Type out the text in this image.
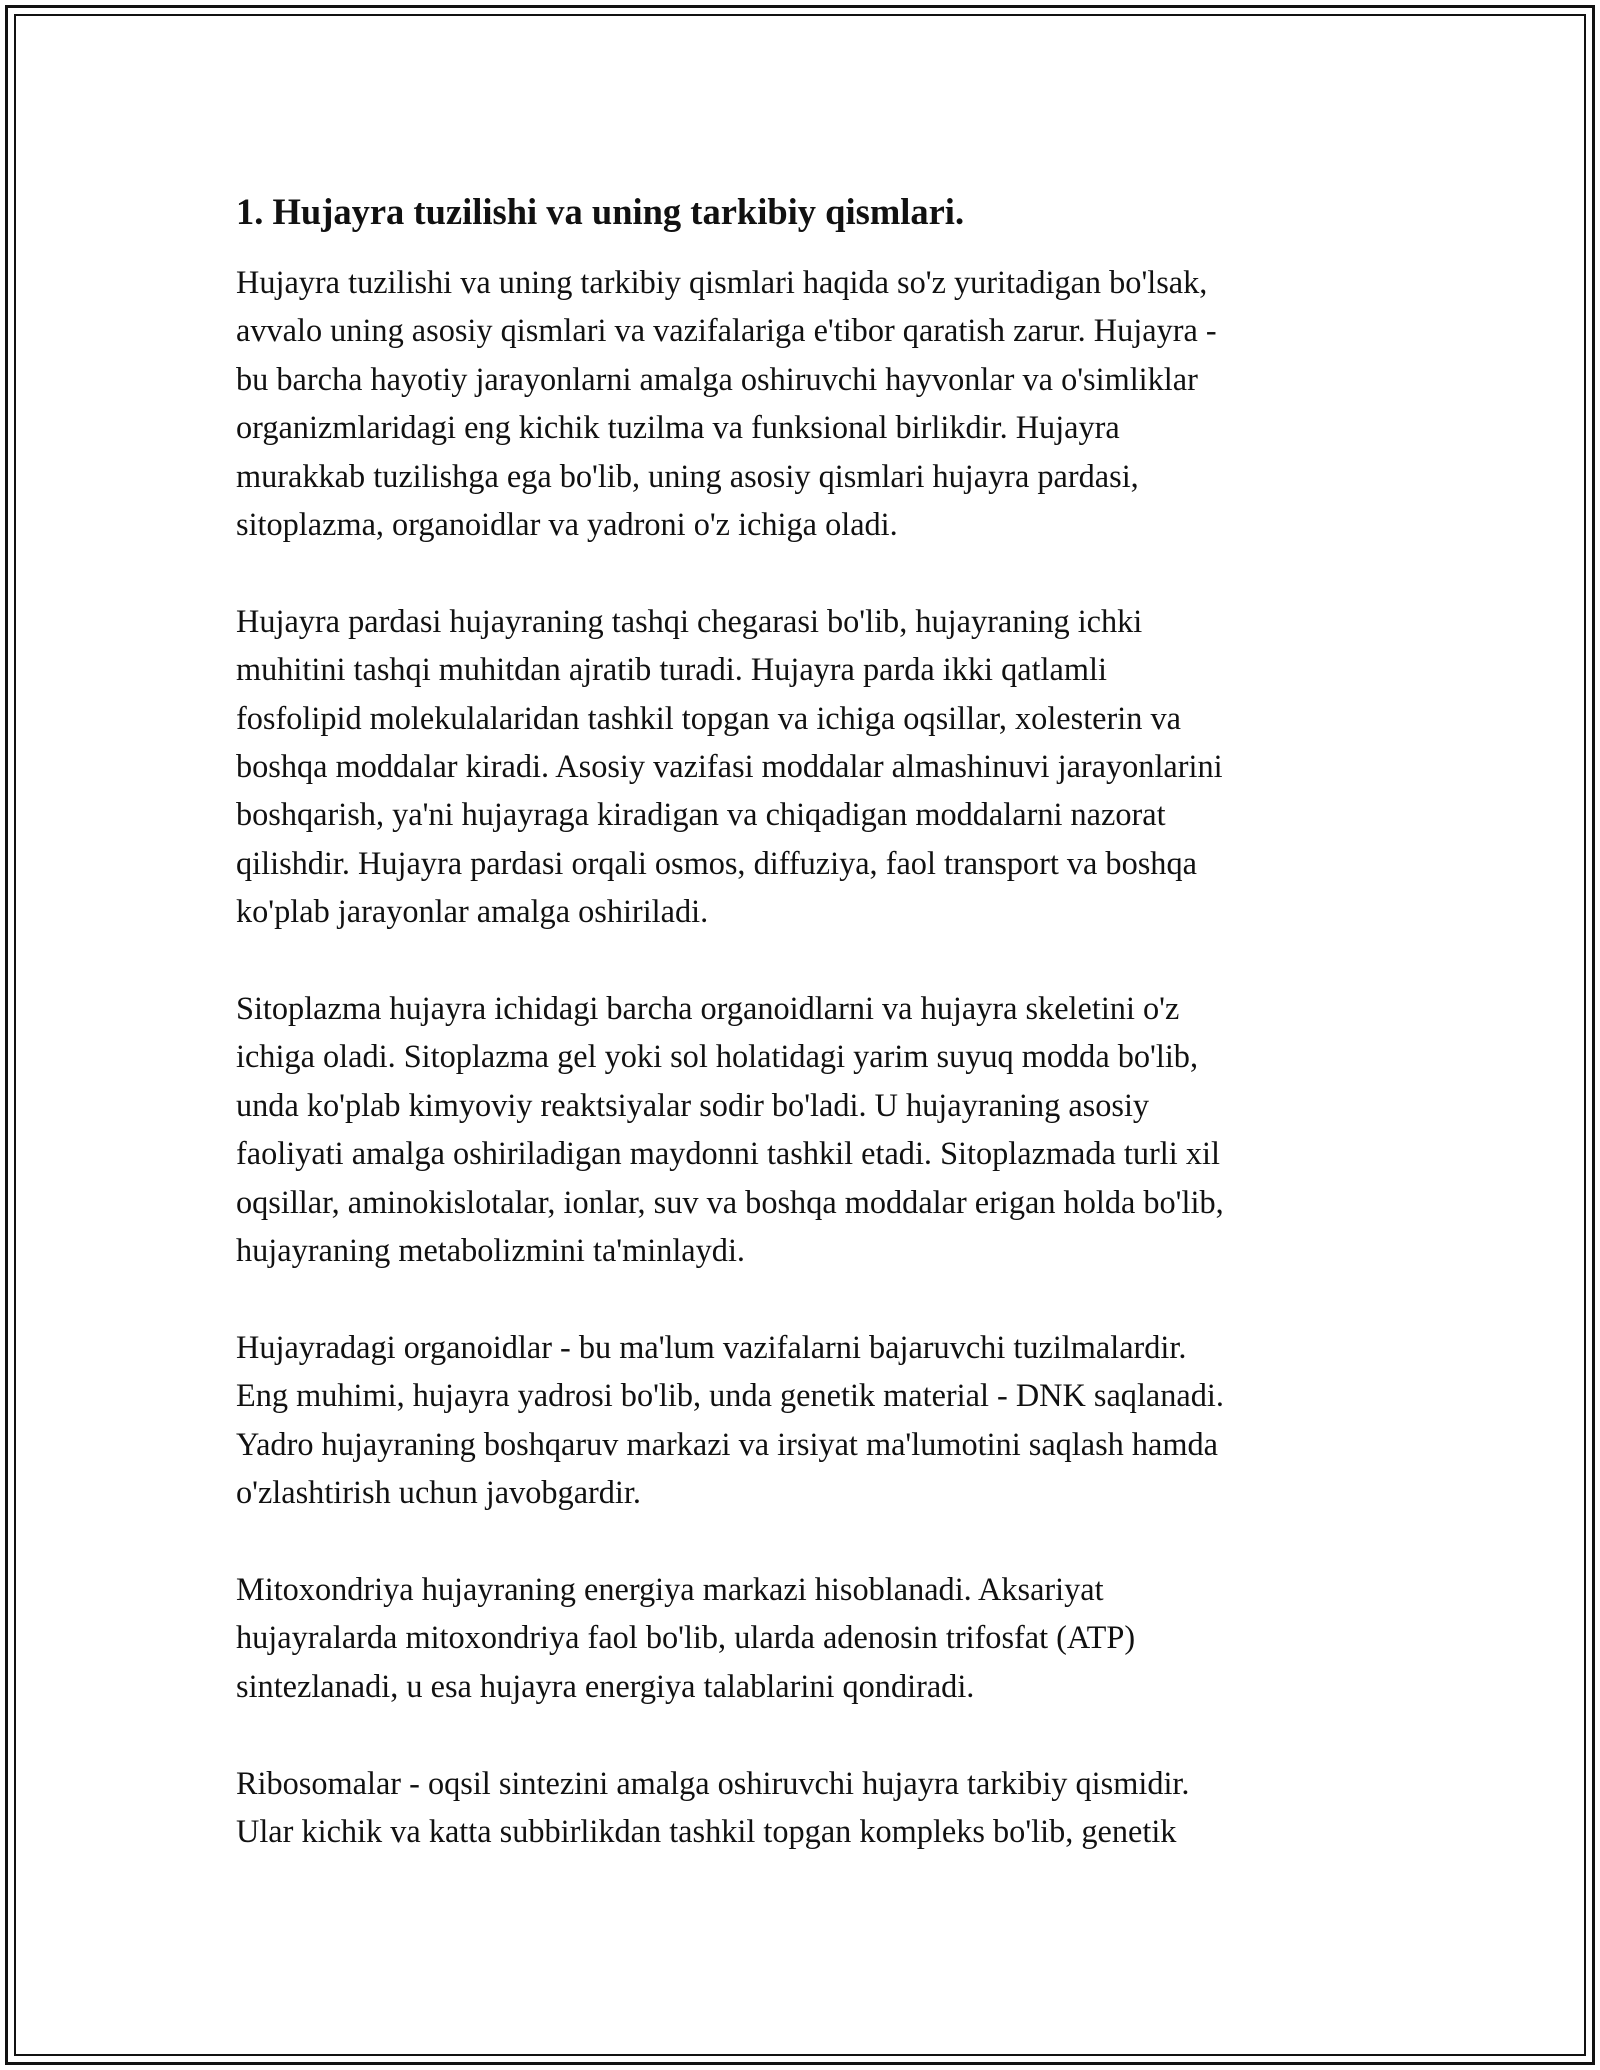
1. Hujayra tuzilishi va uning tarkibiy qismlari.

Hujayra tuzilishi va uning tarkibiy qismlari haqida so'z yuritadigan bo'lsak,
avvalo uning asosiy qismlari va vazifalariga e'tibor qaratish zarur. Hujayra -
bu barcha hayotiy jarayonlarni amalga oshiruvchi hayvonlar va o'simliklar
organizmlaridagi eng kichik tuzilma va funksional birlikdir. Hujayra
murakkab tuzilishga ega bo'lib, uning asosiy qismlari hujayra pardasi,
sitoplazma, organoidlar va yadroni o'z ichiga oladi.

Hujayra pardasi hujayraning tashqi chegarasi bo'lib, hujayraning ichki
muhitini tashqi muhitdan ajratib turadi. Hujayra parda ikki qatlamli
fosfolipid molekulalaridan tashkil topgan va ichiga oqsillar, xolesterin va
boshqa moddalar kiradi. Asosiy vazifasi moddalar almashinuvi jarayonlarini
boshqarish, ya'ni hujayraga kiradigan va chiqadigan moddalarni nazorat
qilishdir. Hujayra pardasi orqali osmos, diffuziya, faol transport va boshqa
ko'plab jarayonlar amalga oshiriladi.

Sitoplazma hujayra ichidagi barcha organoidlarni va hujayra skeletini o'z
ichiga oladi. Sitoplazma gel yoki sol holatidagi yarim suyuq modda bo'lib,
unda ko'plab kimyoviy reaktsiyalar sodir bo'ladi. U hujayraning asosiy
faoliyati amalga oshiriladigan maydonni tashkil etadi. Sitoplazmada turli xil
oqsillar, aminokislotalar, ionlar, suv va boshqa moddalar erigan holda bo'lib,
hujayraning metabolizmini ta'minlaydi.

Hujayradagi organoidlar - bu ma'lum vazifalarni bajaruvchi tuzilmalardir.
Eng muhimi, hujayra yadrosi bo'lib, unda genetik material - DNK saqlanadi.
Yadro hujayraning boshqaruv markazi va irsiyat ma'lumotini saqlash hamda
o'zlashtirish uchun javobgardir.

Mitoxondriya hujayraning energiya markazi hisoblanadi. Aksariyat
hujayralarda mitoxondriya faol bo'lib, ularda adenosin trifosfat (ATP)
sintezlanadi, u esa hujayra energiya talablarini qondiradi.

Ribosomalar - oqsil sintezini amalga oshiruvchi hujayra tarkibiy qismidir.
Ular kichik va katta subbirlikdan tashkil topgan kompleks bo'lib, genetik
